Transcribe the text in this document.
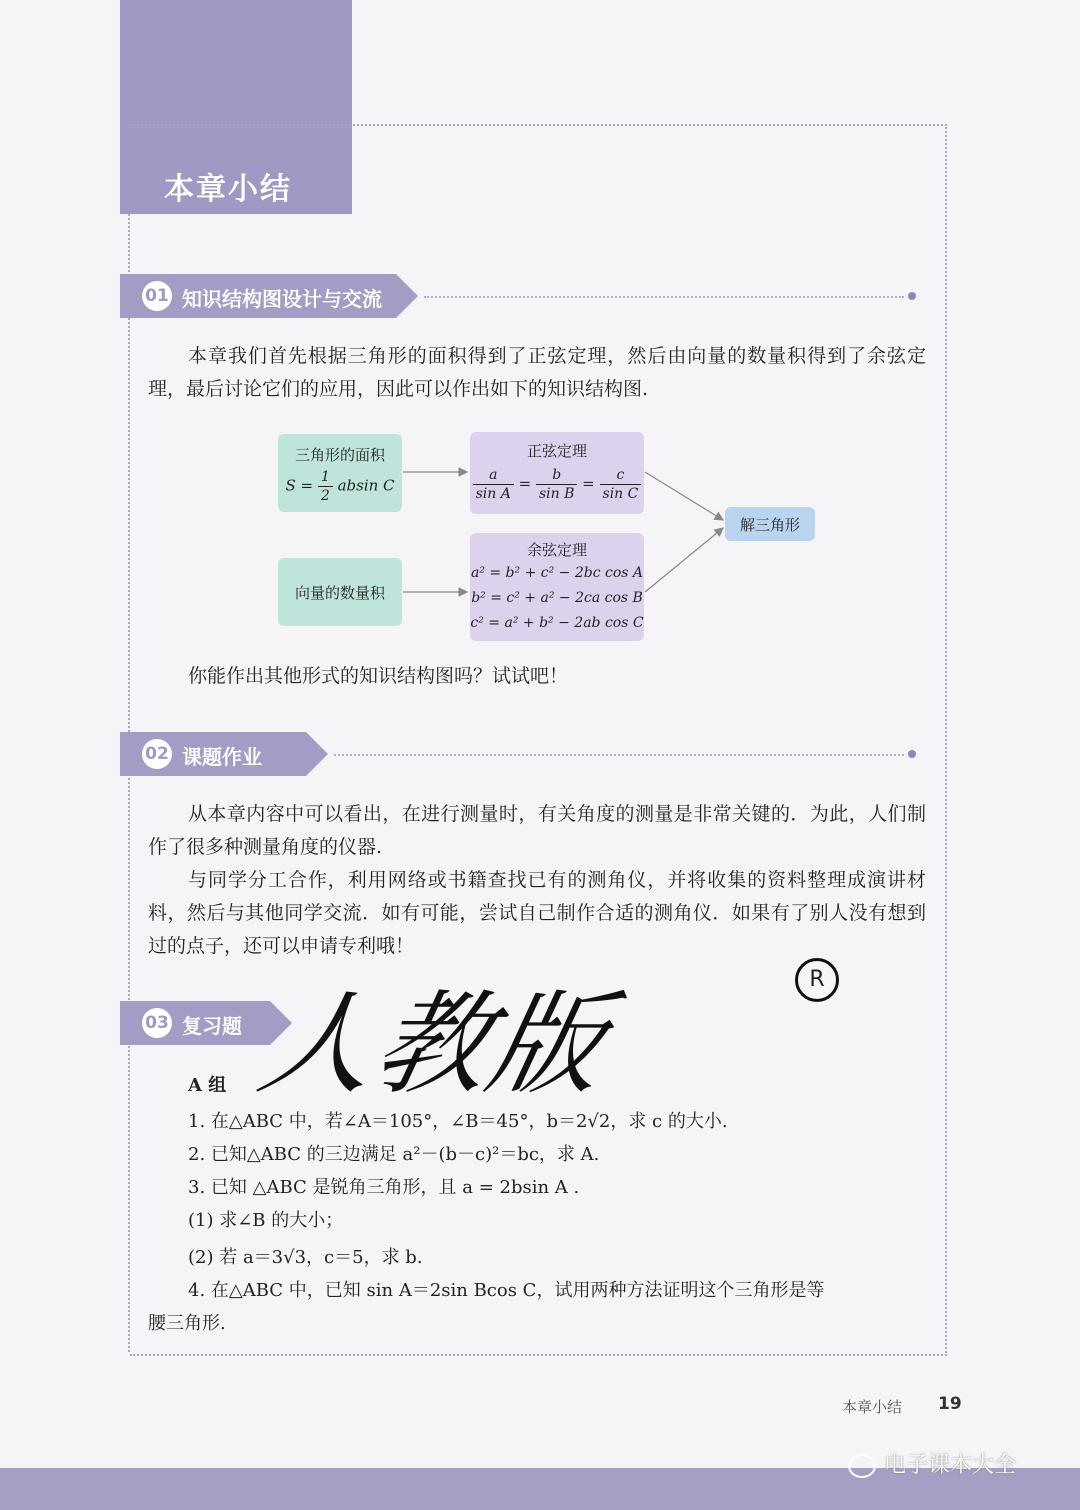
本章小结
01 知识结构图设计与交流
本章我们首先根据三角形的面积得到了正弦定理，然后由向量的数量积得到了余弦定理，最后讨论它们的应用，因此可以作出如下的知识结构图.
三角形的面积
$S = \frac{1}{2}$ absin C
正弦定理
$\frac{a}{\text{sin A}} = \frac{b}{\text{sin B}} = \frac{c}{\text{sin C}}$
向量的数量积
余弦定理
a² = b² + c² − 2bc cos A
b² = c² + a² − 2ca cos B
c² = a² + b² − 2ab cos C
解三角形
你能作出其他形式的知识结构图吗？试试吧！
02 课题作业
从本章内容中可以看出，在进行测量时，有关角度的测量是非常关键的．为此，人们制作了很多种测量角度的仪器.
与同学分工合作，利用网络或书籍查找已有的测角仪，并将收集的资料整理成演讲材料，然后与其他同学交流．如有可能，尝试自己制作合适的测角仪．如果有了别人没有想到过的点子，还可以申请专利哦！
03 复习题 人教版
R
A 组
1. 在△ABC 中，若∠A＝105°，∠B＝45°，b＝2√2，求 c 的大小.
2. 已知△ABC 的三边满足 a²－(b－c)²＝bc，求 A.
3. 已知 △ABC 是锐角三角形，且 a = 2bsin A .
(1) 求∠B 的大小；
(2) 若 a＝3√3，c＝5，求 b.
4. 在△ABC 中，已知 sin A＝2sin Bcos C，试用两种方法证明这个三角形是等
腰三角形.
本章小结 19
电子课本大全
